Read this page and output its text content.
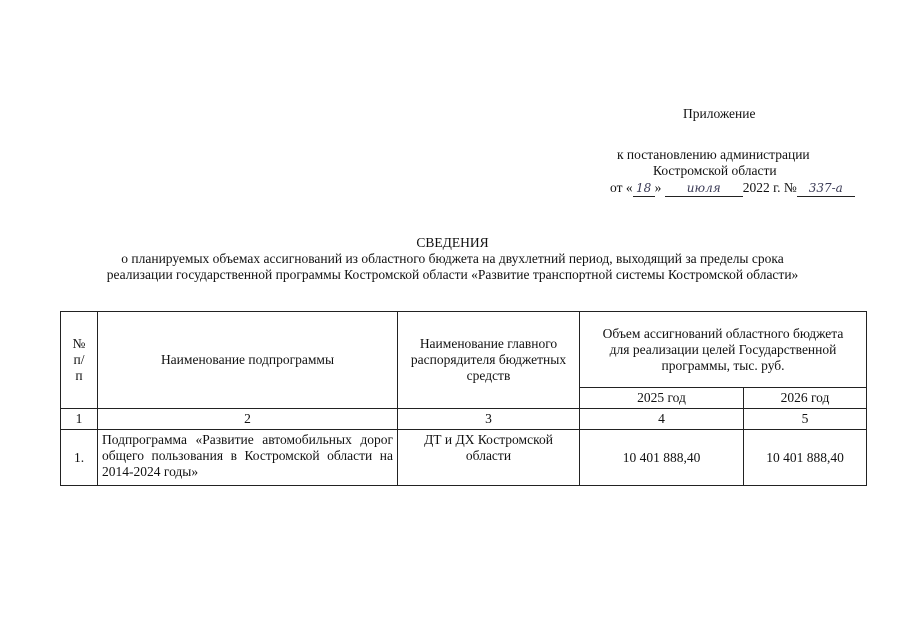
Приложение
к постановлению администрации
Костромской области
от « 18 » июля 2022 г. № 337-а
СВЕДЕНИЯ
о планируемых объемах ассигнований из областного бюджета на двухлетний период, выходящий за пределы срока
реализации государственной программы Костромской области «Развитие транспортной системы Костромской области»
№ п/п	Наименование подпрограммы	Наименование главного распорядителя бюджетных средств	Объем ассигнований областного бюджета для реализации целей Государственной программы, тыс. руб.	
			2025 год	2026 год
1	2	3	4	5
1.	Подпрограмма «Развитие автомобильных дорог общего пользования в Костромской области на 2014-2024 годы»	ДТ и ДХ Костромской области	10 401 888,40	10 401 888,40
